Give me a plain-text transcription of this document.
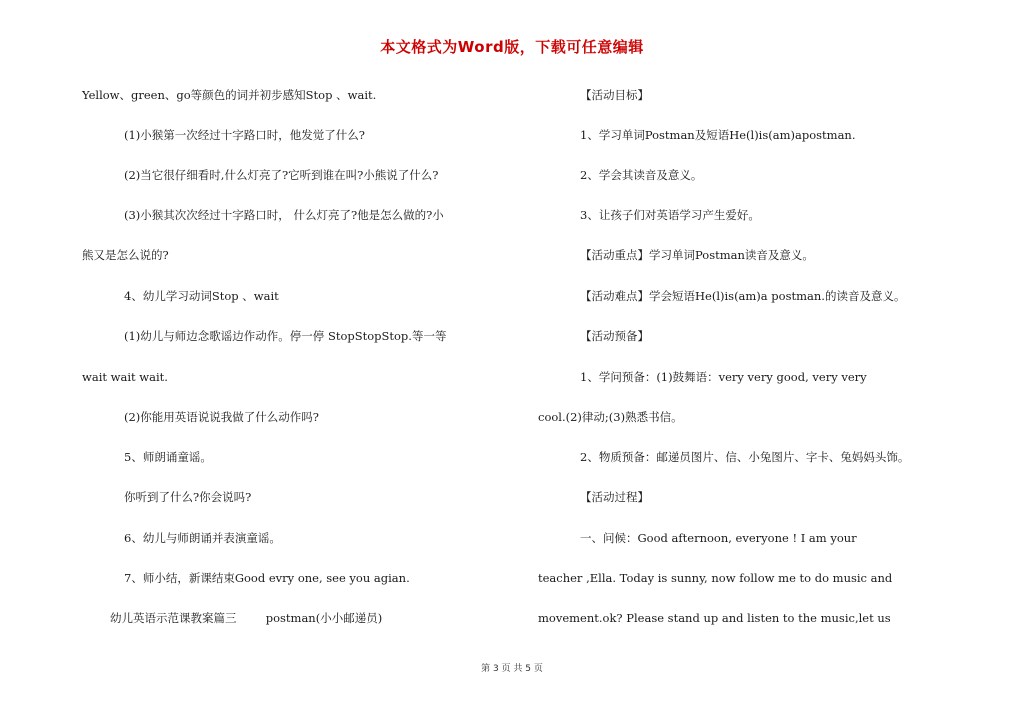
本文格式为Word版，下载可任意编辑
Yellow、green、go等颜色的词并初步感知Stop 、wait.
(1)小猴第一次经过十字路口时，他发觉了什么?
(2)当它很仔细看时,什么灯亮了?它听到谁在叫?小熊说了什么?
(3)小猴其次次经过十字路口时， 什么灯亮了?他是怎么做的?小
熊又是怎么说的?
4、幼儿学习动词Stop 、wait
(1)幼儿与师边念歌谣边作动作。停一停 StopStopStop.等一等
wait wait wait.
(2)你能用英语说说我做了什么动作吗?
5、师朗诵童谣。
你听到了什么?你会说吗?
6、幼儿与师朗诵并表演童谣。
7、师小结，新课结束Good evry one, see you agian.
幼儿英语示范课教案篇三        postman(小小邮递员)
【活动目标】
1、学习单词Postman及短语He(l)is(am)apostman.
2、学会其读音及意义。
3、让孩子们对英语学习产生爱好。
【活动重点】学习单词Postman读音及意义。
【活动难点】学会短语He(l)is(am)a postman.的读音及意义。
【活动预备】
1、学问预备：(1)鼓舞语：very very good, very very
cool.(2)律动;(3)熟悉书信。
2、物质预备：邮递员图片、信、小兔图片、字卡、兔妈妈头饰。
【活动过程】
一、问候：Good afternoon, everyone ! I am your
teacher ,Ella. Today is sunny, now follow me to do music and
movement.ok? Please stand up and listen to the music,let us
第 3 页 共 5 页
